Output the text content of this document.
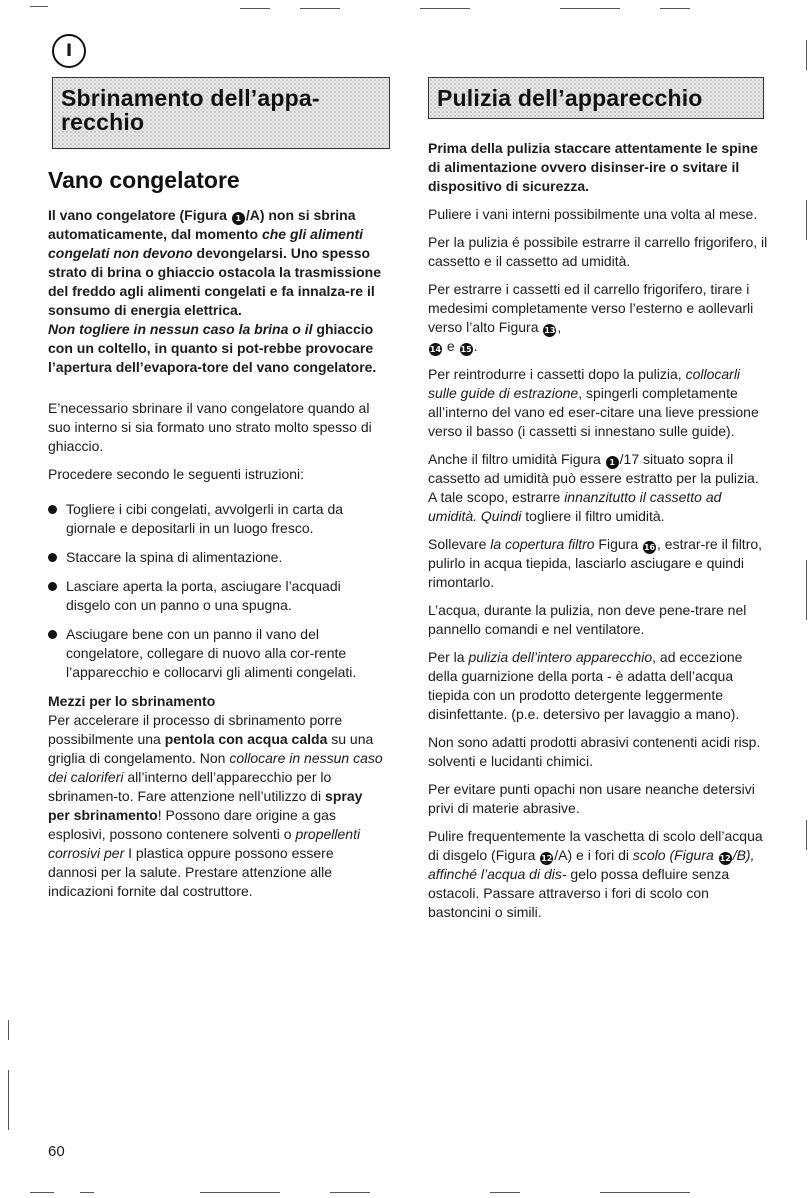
I
Sbrinamento dell’appa-
recchio
Pulizia dell’apparecchio
Vano congelatore
Il vano congelatore (Figura 1 /A) non si sbrina automaticamente, dal momento che gli alimenti congelati non devono devongelarsi. Uno spesso strato di brina o ghiaccio ostacola la trasmissione del freddo agli alimenti congelati e fa innalza-re il sonsumo di energia elettrica.
Non togliere in nessun caso la brina o il ghiaccio con un coltello, in quanto si pot-rebbe provocare l’apertura dell’evapora-tore del vano congelatore.

E’necessario sbrinare il vano congelatore quando al suo interno si sia formato uno strato molto spesso di ghiaccio.

Procedere secondo le seguenti istruzioni:

Togliere i cibi congelati, avvolgerli in carta da giornale e depositarli in un luogo fresco.
Staccare la spina di alimentazione.
Lasciare aperta la porta, asciugare l’acquadi disgelo con un panno o una spugna.
Asciugare bene con un panno il vano del congelatore, collegare di nuovo alla cor-rente l’apparecchio e collocarvi gli alimenti congelati.
Mezzi per lo sbrinamento

Per accelerare il processo di sbrinamento porre possibilmente una pentola con acqua calda su una griglia di congelamento. Non collocare in nessun caso dei caloriferi all’interno dell’apparecchio per lo sbrinamen-to. Fare attenzione nell’utilizzo di spray per sbrinamento! Possono dare origine a gas esplosivi, possono contenere solventi o propellenti corrosivi per I plastica oppure possono essere dannosi per la salute. Prestare attenzione alle indicazioni fornite dal costruttore.

Prima della pulizia staccare attentamente le spine di alimentazione ovvero disinser-ire o svitare il dispositivo di sicurezza.

Puliere i vani interni possibilmente una volta al mese.

Per la pulizia é possibile estrarre il carrello frigorifero, il cassetto e il cassetto ad umidità.

Per estrarre i cassetti ed il carrello frigorifero, tirare i medesimi completamente verso l’esterno e aollevarli verso l’alto Figura 13 ,
14 e 15 .

Per reintrodurre i cassetti dopo la pulizia, collocarli sulle guide di estrazione, spingerli completamente all’interno del vano ed eser-citare una lieve pressione verso il basso (i cassetti si innestano sulle guide).

Anche il filtro umidità Figura 1 /17 situato sopra il cassetto ad umidità può essere estratto per la pulizia. A tale scopo, estrarre innanzitutto il cassetto ad umidità. Quindi togliere il filtro umidità.

Sollevare la copertura filtro Figura 16 , estrar-re il filtro, pulirlo in acqua tiepida, lasciarlo asciugare e quindi rimontarlo.

L’acqua, durante la pulizia, non deve pene-trare nel pannello comandi e nel ventilatore.

Per la pulizia dell’intero apparecchio, ad eccezione della guarnizione della porta - è adatta dell’acqua tiepida con un prodotto detergente leggermente disinfettante. (p.e. detersivo per lavaggio a mano).

Non sono adatti prodotti abrasivi contenenti acidi risp. solventi e lucidanti chimici.

Per evitare punti opachi non usare neanche detersivi privi di materie abrasive.

Pulire frequentemente la vaschetta di scolo dell’acqua di disgelo (Figura 12 /A) e i fori di scolo (Figura 12 /B), affinché l’acqua di dis- gelo possa defluire senza ostacoli. Passare attraverso i fori di scolo con bastoncini o simili.

60
